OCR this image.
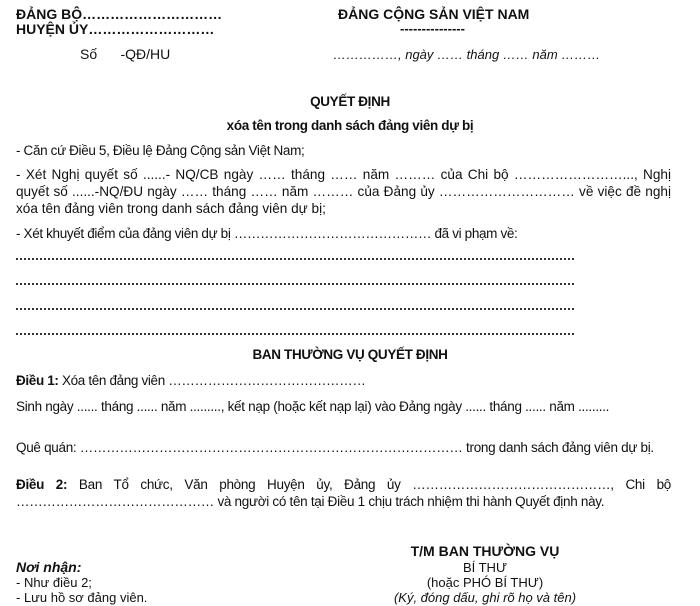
ĐẢNG BỘ…………………………
HUYỆN ỦY………………………
Số      -QĐ/HU
ĐẢNG CỘNG SẢN VIỆT NAM
---------------
……………, ngày …… tháng …… năm ………
QUYẾT ĐỊNH
xóa tên trong danh sách đảng viên dự bị
- Căn cứ Điều 5, Điều lệ Đảng Cộng sản Việt Nam;
- Xét Nghị quyết số ......- NQ/CB ngày …… tháng …… năm ……… của Chi bộ ……………………..., Nghị quyết số ......-NQ/ĐU ngày …… tháng …… năm ……… của Đảng ủy ………………………… về việc đề nghị xóa tên đảng viên trong danh sách đảng viên dự bị;
- Xét khuyết điểm của đảng viên dự bị ……………………………………… đã vi phạm về:
BAN THƯỜNG VỤ QUYẾT ĐỊNH
Điều 1: Xóa tên đảng viên ………………………………………
Sinh ngày ...... tháng ...... năm ........., kết nạp (hoặc kết nạp lại) vào Đảng ngày ...... tháng ...... năm .........
Quê quán: …………………………………………………………………………… trong danh sách đảng viên dự bị.
Điều 2: Ban Tổ chức, Văn phòng Huyện ủy, Đảng ủy ………………………………………, Chi bộ ……………………………………… và người có tên tại Điều 1 chịu trách nhiệm thi hành Quyết định này.
Nơi nhận:
- Như điều 2;
- Lưu hồ sơ đảng viên.
T/M BAN THƯỜNG VỤ
BÍ THƯ
(hoặc PHÓ BÍ THƯ)
(Ký, đóng dấu, ghi rõ họ và tên)
